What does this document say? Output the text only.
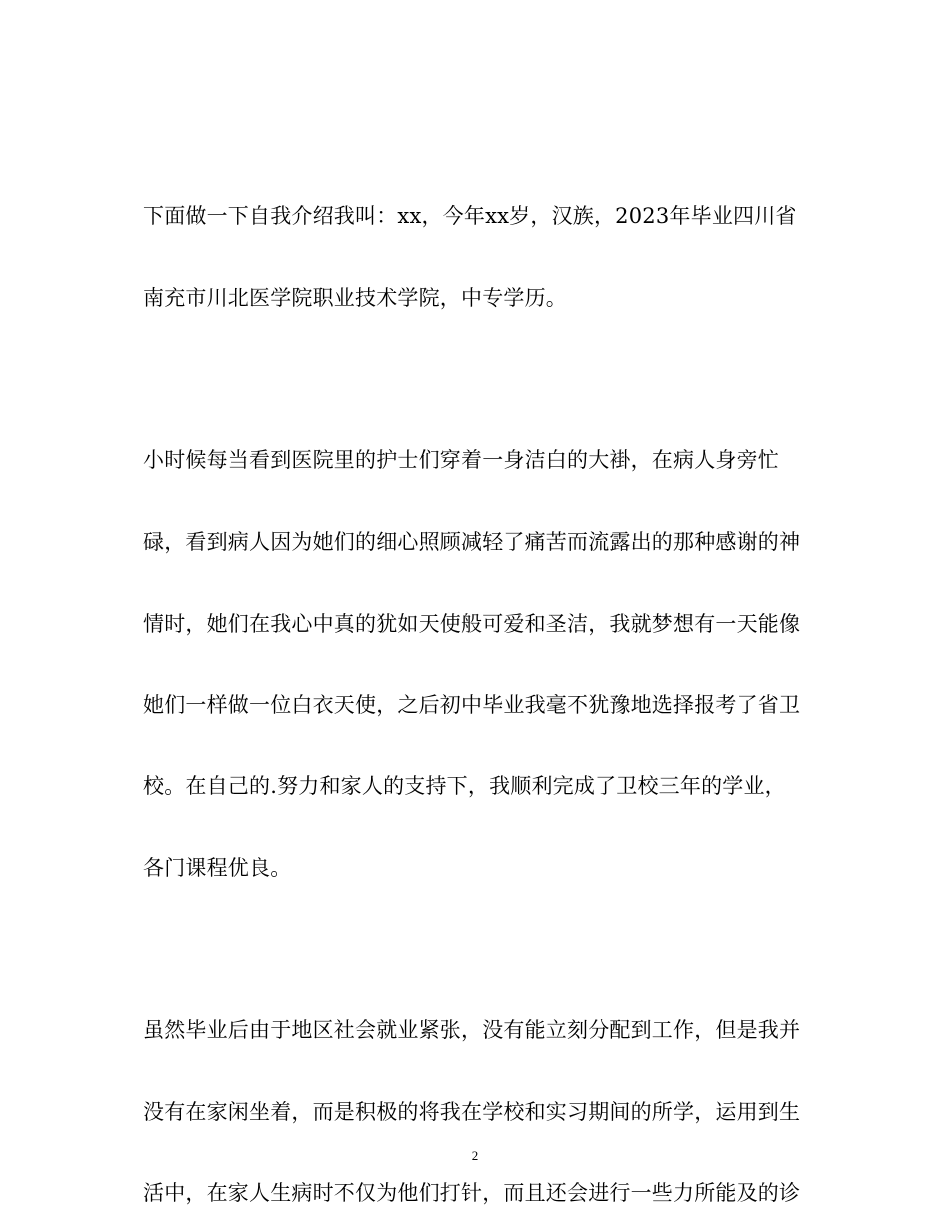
下面做一下自我介绍我叫：xx，今年xx岁，汉族，2023年毕业四川省
南充市川北医学院职业技术学院，中专学历。
小时候每当看到医院里的护士们穿着一身洁白的大褂，在病人身旁忙
碌，看到病人因为她们的细心照顾减轻了痛苦而流露出的那种感谢的神
情时，她们在我心中真的犹如天使般可爱和圣洁，我就梦想有一天能像
她们一样做一位白衣天使，之后初中毕业我毫不犹豫地选择报考了省卫
校。在自己的.努力和家人的支持下，我顺利完成了卫校三年的学业，
各门课程优良。
虽然毕业后由于地区社会就业紧张，没有能立刻分配到工作，但是我并
没有在家闲坐着，而是积极的将我在学校和实习期间的所学，运用到生
活中，在家人生病时不仅为他们打针，而且还会进行一些力所能及的诊
2
